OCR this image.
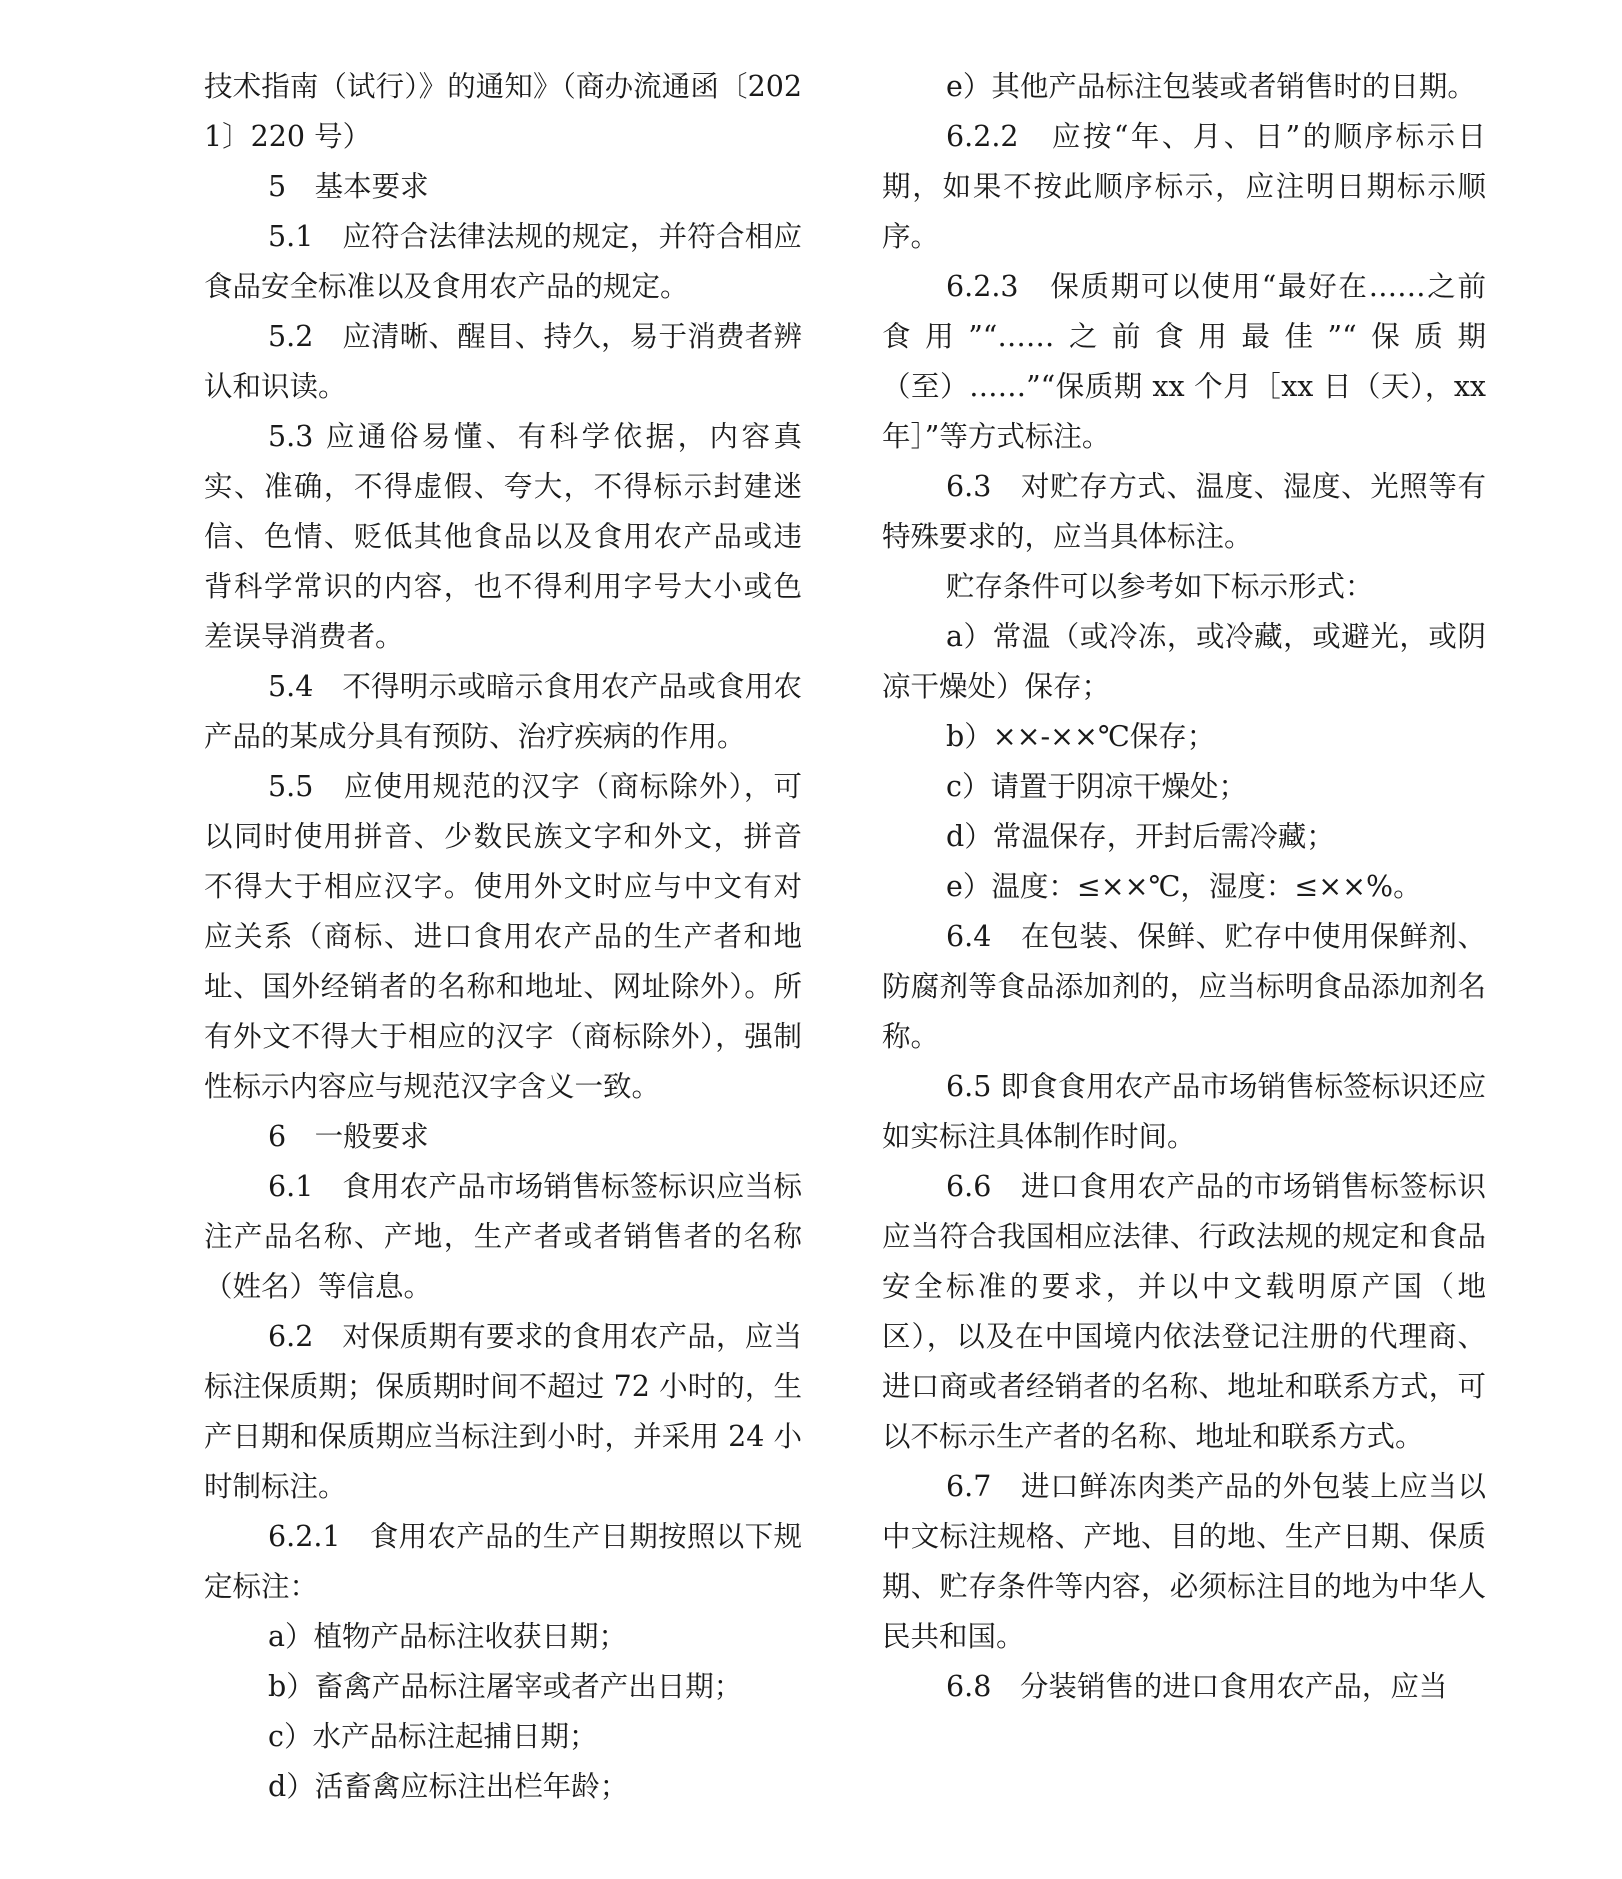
技术指南（试行）》的通知》（商办流通函〔2021〕220 号）

5　基本要求

5.1　应符合法律法规的规定，并符合相应食品安全标准以及食用农产品的规定。

5.2　应清晰、醒目、持久，易于消费者辨认和识读。

5.3 应通俗易懂、有科学依据，内容真实、准确，不得虚假、夸大，不得标示封建迷信、色情、贬低其他食品以及食用农产品或违背科学常识的内容，也不得利用字号大小或色差误导消费者。

5.4　不得明示或暗示食用农产品或食用农产品的某成分具有预防、治疗疾病的作用。

5.5　应使用规范的汉字（商标除外），可以同时使用拼音、少数民族文字和外文，拼音不得大于相应汉字。使用外文时应与中文有对应关系（商标、进口食用农产品的生产者和地址、国外经销者的名称和地址、网址除外）。所有外文不得大于相应的汉字（商标除外），强制性标示内容应与规范汉字含义一致。

6　一般要求

6.1　食用农产品市场销售标签标识应当标注产品名称、产地，生产者或者销售者的名称（姓名）等信息。

6.2　对保质期有要求的食用农产品，应当标注保质期；保质期时间不超过 72 小时的，生产日期和保质期应当标注到小时，并采用 24 小时制标注。

6.2.1　食用农产品的生产日期按照以下规定标注：

a）植物产品标注收获日期；

b）畜禽产品标注屠宰或者产出日期；

c）水产品标注起捕日期；

d）活畜禽应标注出栏年龄；

e）其他产品标注包装或者销售时的日期。

6.2.2　应按“年、月、日”的顺序标示日期，如果不按此顺序标示，应注明日期标示顺序。

6.2.3　保质期可以使用“最好在……之前食用”“……之前食用最佳”“保质期（至）……”“保质期 xx 个月［xx 日（天），xx 年］”等方式标注。

6.3　对贮存方式、温度、湿度、光照等有特殊要求的，应当具体标注。

贮存条件可以参考如下标示形式：

a）常温（或冷冻，或冷藏，或避光，或阴凉干燥处）保存；

b）××-××℃保存；

c）请置于阴凉干燥处；

d）常温保存，开封后需冷藏；

e）温度：≤××℃，湿度：≤××%。

6.4　在包装、保鲜、贮存中使用保鲜剂、防腐剂等食品添加剂的，应当标明食品添加剂名称。

6.5 即食食用农产品市场销售标签标识还应如实标注具体制作时间。

6.6　进口食用农产品的市场销售标签标识应当符合我国相应法律、行政法规的规定和食品安全标准的要求，并以中文载明原产国（地区），以及在中国境内依法登记注册的代理商、进口商或者经销者的名称、地址和联系方式，可以不标示生产者的名称、地址和联系方式。

6.7　进口鲜冻肉类产品的外包装上应当以中文标注规格、产地、目的地、生产日期、保质期、贮存条件等内容，必须标注目的地为中华人民共和国。

6.8　分装销售的进口食用农产品，应当
